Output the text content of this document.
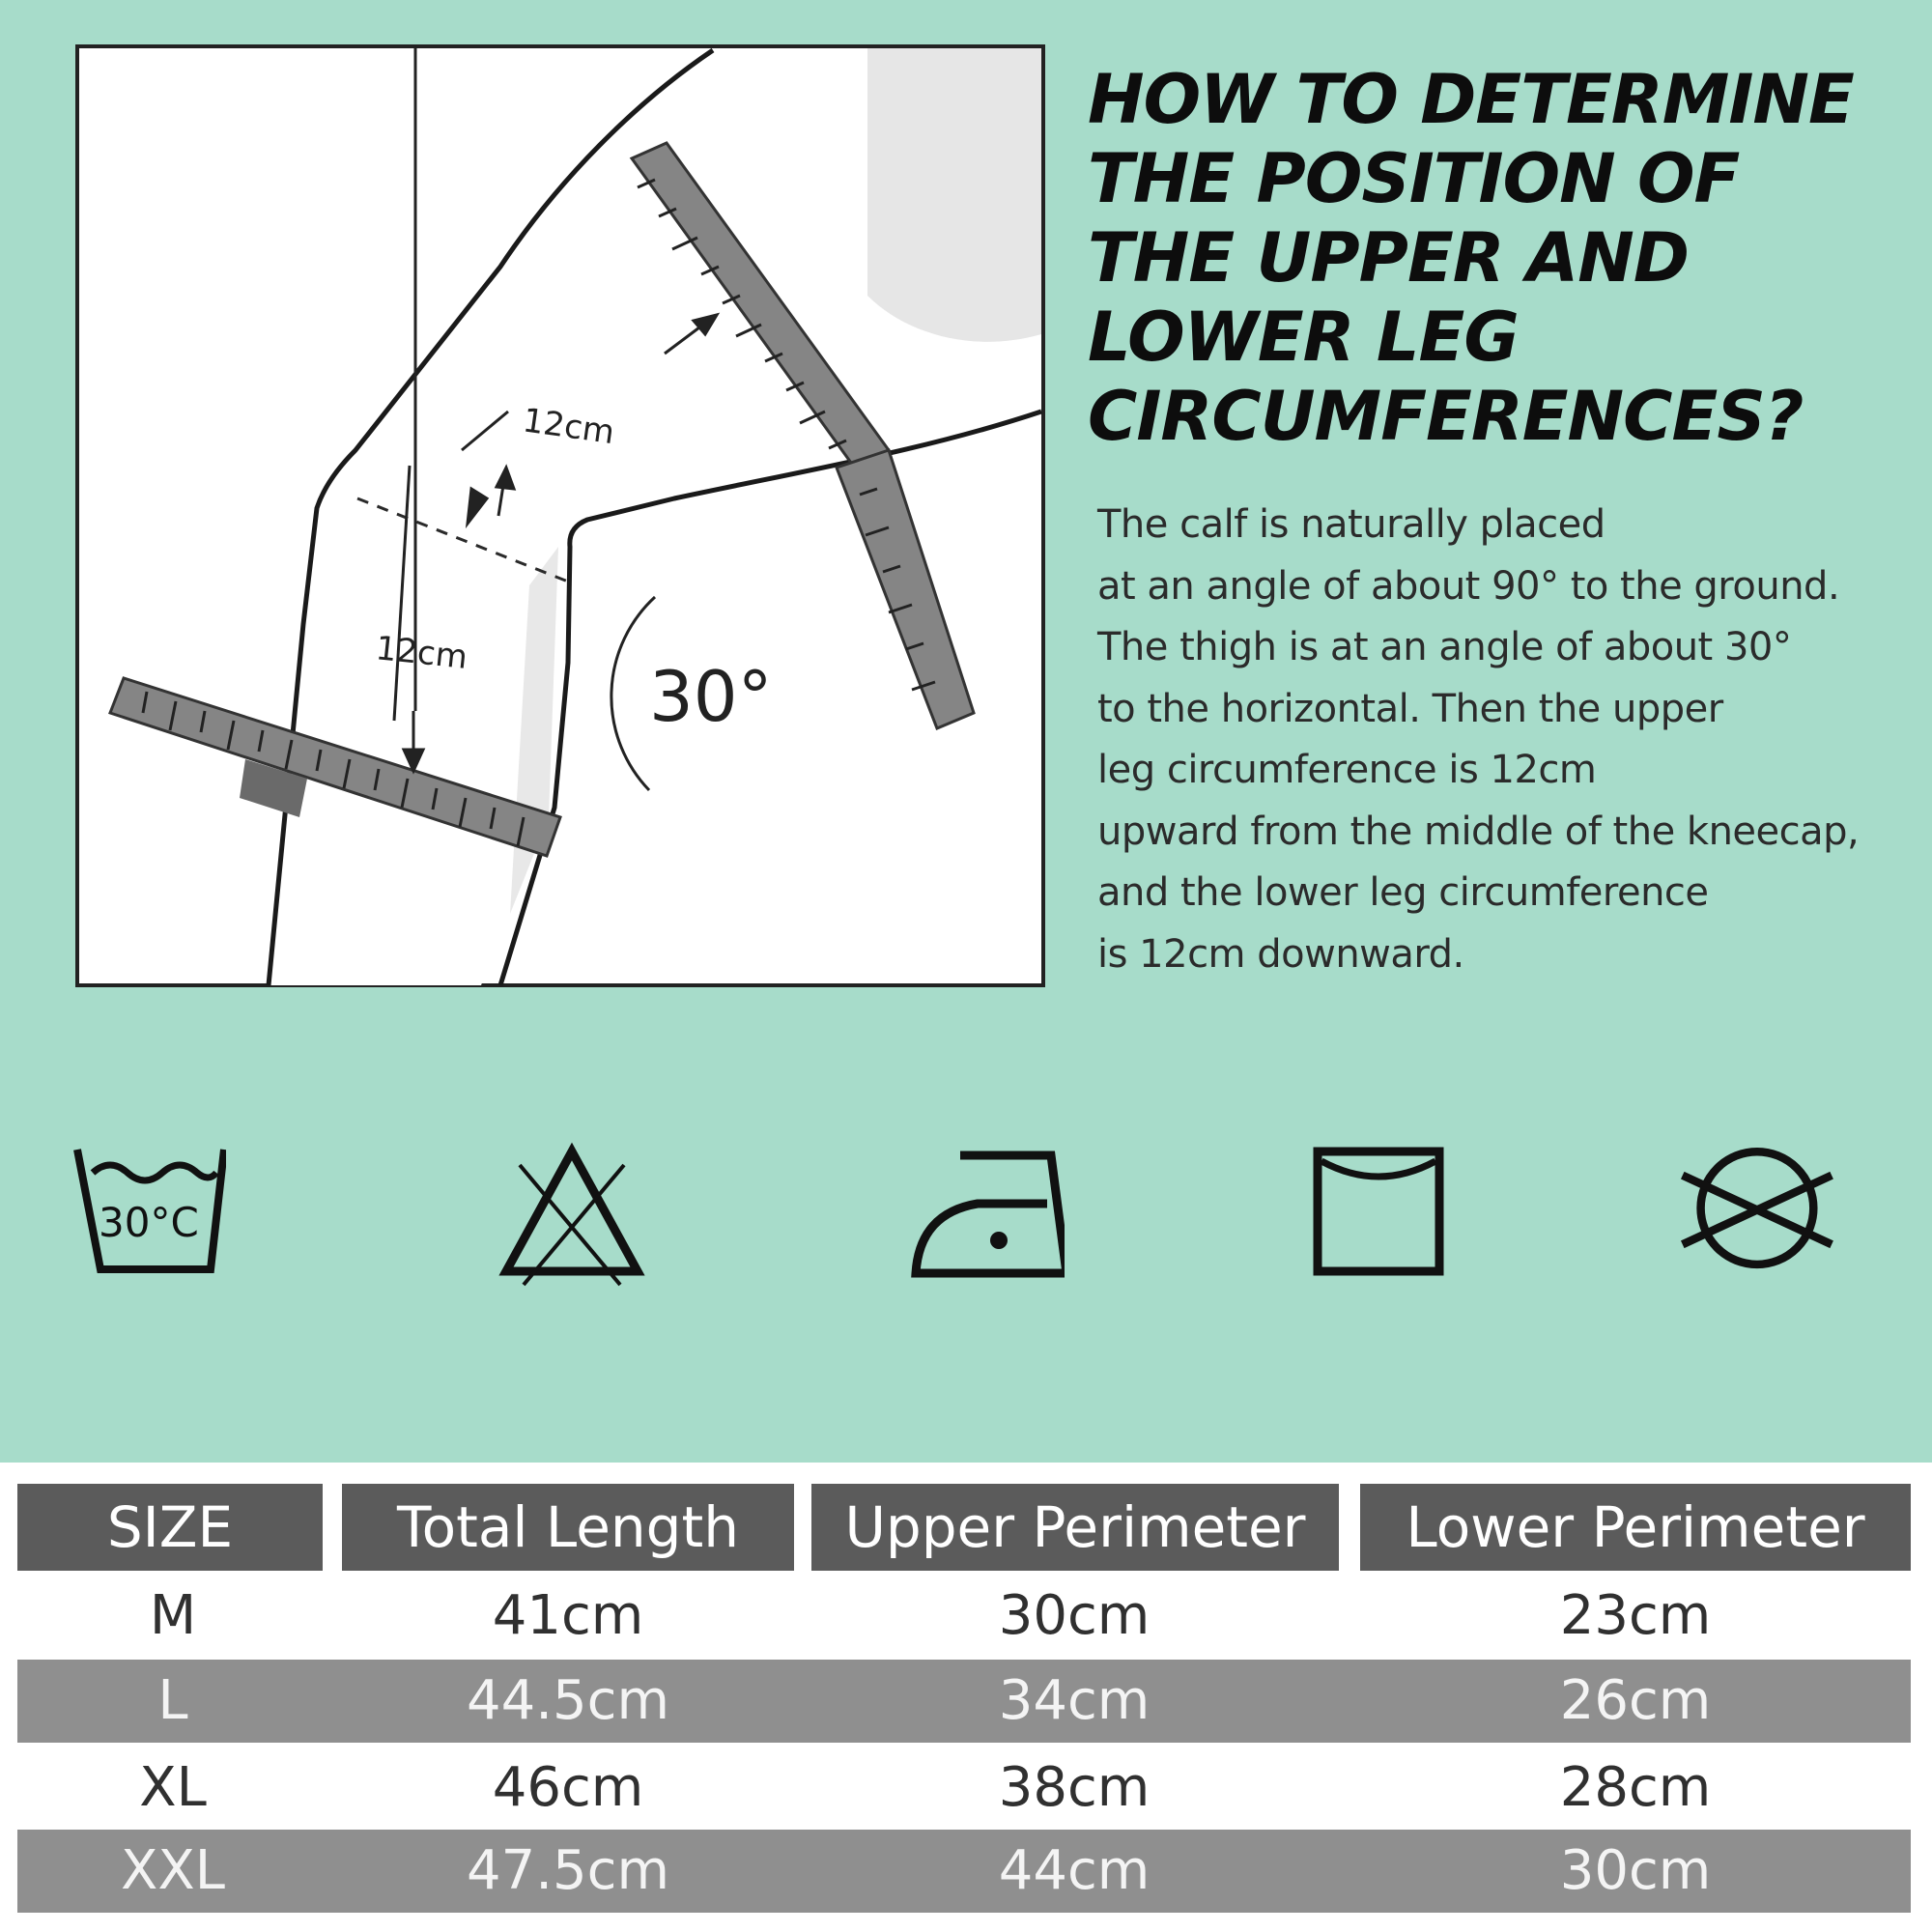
12cm
12cm
30°
HOW TO DETERMINE
THE POSITION OF
THE UPPER AND
LOWER LEG
CIRCUMFERENCES?
The calf is naturally placed
at an angle of about 90° to the ground.
The thigh is at an angle of about 30°
to the horizontal. Then the upper
leg circumference is 12cm
upward from the middle of the kneecap,
and the lower leg circumference
is 12cm downward.
30°C
SIZE	Total Length	Upper Perimeter	Lower Perimeter
M	41cm	30cm	23cm
L	44.5cm	34cm	26cm
XL	46cm	38cm	28cm
XXL	47.5cm	44cm	30cm
